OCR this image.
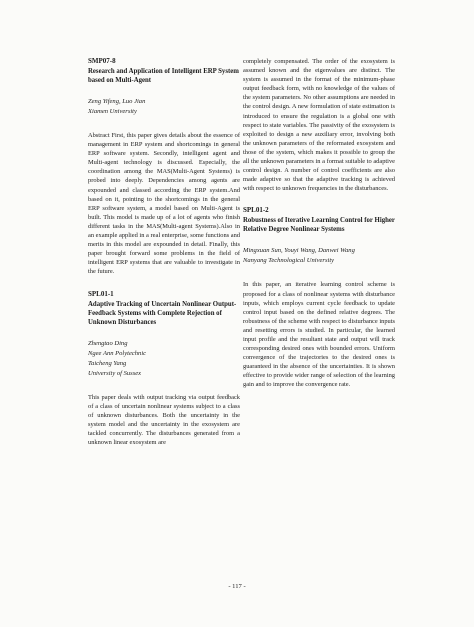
SMP07-8
Research and Application of Intelligent ERP System based on Multi-Agent
Zeng Yifeng, Luo Jian
Xiamen University

Abstract First, this paper gives details about the essence of management in ERP system and shortcomings in general ERP software system. Secondly, intelligent agent and Multi-agent technology is discussed. Especially, the coordination among the MAS(Multi-Agent Systems) is probed into deeply. Dependencies among agents are expounded and classed according the ERP system.And based on it, pointing to the shortcomings in the general ERP software system, a model based on Multi-Agent is built. This model is made up of a lot of agents who finish different tasks in the MAS(Multi-agent Systems).Also in an example applied in a real enterprise, some functions and merits in this model are expounded in detail. Finally, this paper brought forward some problems in the field of intelligent ERP systems that are valuable to investigate in the future.

SPL01-1
Adaptive Tracking of Uncertain Nonlinear Output-Feedback Systems with Complete Rejection of Unknown Disturbances
Zhengtao Ding
Ngee Ann Polytechnic
Taicheng Yang
University of Sussex

This paper deals with output tracking via output feedback of a class of uncertain nonlinear systems subject to a class of unknown disturbances. Both the uncertainty in the system model and the uncertainty in the exosystem are tackled concurrently. The disturbances generated from a unknown linear exosystem are

completely compensated. The order of the exosystem is assumed known and the eigenvalues are distinct. The system is assumed in the format of the minimum-phase output feedback form, with no knowledge of the values of the system parameters. No other assumptions are needed in the control design. A new formulation of state estimation is introduced to ensure the regulation is a global one with respect to state variables. The passivity of the exosystem is exploited to design a new auxiliary error, involving both the unknown parameters of the reformated exosystem and those of the system, which makes it possible to group the all the unknown parameters in a format suitable to adaptive control design. A number of control coefficients are also made adaptive so that the adaptive tracking is achieved with respect to unknown frequencies in the disturbances.

SPL01-2
Robustness of Iterative Learning Control for Higher Relative Degree Nonlinear Systems
Mingxuan Sun, Youyi Wang, Danwei Wang
Nanyang Technological University

In this paper, an iterative learning control scheme is proposed for a class of nonlinear systems with disturbance inputs, which employs current cycle feedback to update control input based on the defined relative degrees. The robustness of the scheme with respect to disturbance inputs and resetting errors is studied. In particular, the learned input profile and the resultant state and output will track corresponding desired ones with bounded errors. Uniform convergence of the trajectories to the desired ones is guaranteed in the absence of the uncertainties. It is shown effective to provide wider range of selection of the learning gain and to improve the convergence rate.

- 117 -
